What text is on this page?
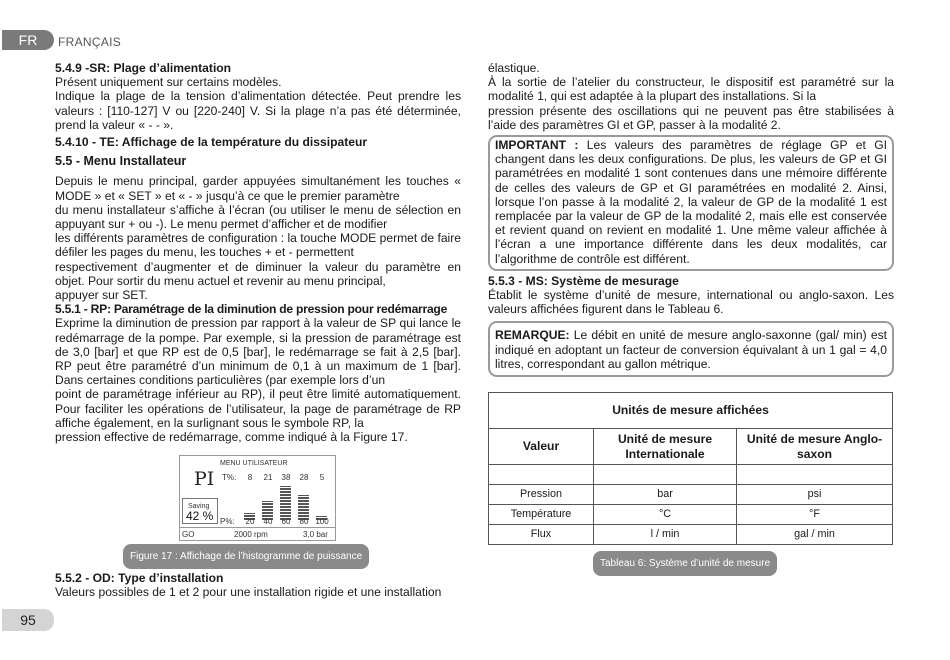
FR	FRANÇAIS

5.4.9 -SR: Plage d’alimentation

Présent uniquement sur certains modèles.

Indique la plage de la tension d’alimentation détectée. Peut prendre les valeurs : [110-127] V ou [220-240] V. Si la plage n’a pas été déterminée, prend la valeur « - - ».

5.4.10 - TE: Affichage de la température du dissipateur

5.5 - Menu Installateur

Depuis le menu principal, garder appuyées simultanément les touches « MODE » et « SET » et « - » jusqu’à ce que le premier paramètre

du menu installateur s’affiche à l’écran (ou utiliser le menu de sélection en appuyant sur + ou -). Le menu permet d’afficher et de modifier

les différents paramètres de configuration : la touche MODE permet de faire défiler les pages du menu, les touches + et - permettent

respectivement d’augmenter et de diminuer la valeur du paramètre en objet. Pour sortir du menu actuel et revenir au menu principal,

appuyer sur SET.

5.5.1 - RP: Paramétrage de la diminution de pression pour redémarrage

Exprime la diminution de pression par rapport à la valeur de SP qui lance le redémarrage de la pompe. Par exemple, si la pression de paramétrage est de 3,0 [bar] et que RP est de 0,5 [bar], le redémarrage se fait à 2,5 [bar]. RP peut être paramétré d’un minimum de 0,1 à un maximum de 1 [bar]. Dans certaines conditions particulières (par exemple lors d’un

point de paramétrage inférieur au RP), il peut être limité automatiquement. Pour faciliter les opérations de l’utilisateur, la page de paramétrage de RP affiche également, en la surlignant sous le symbole RP, la

pression effective de redémarrage, comme indiqué à la Figure 17.

MENU UTILISATEUR
PI T%:	8	21	38	28	5
Saving
42 % P%:	20	40	60	80 100
GO	2000 rpm	3,0 bar
Figure 17 : Affichage de l’histogramme de puissance

5.5.2 - OD: Type d’installation

Valeurs possibles de 1 et 2 pour une installation rigide et une installation

élastique.

À la sortie de l’atelier du constructeur, le dispositif est paramétré sur la modalité 1, qui est adaptée à la plupart des installations. Si la

pression présente des oscillations qui ne peuvent pas être stabilisées à l’aide des paramètres GI et GP, passer à la modalité 2.

IMPORTANT : Les valeurs des paramètres de réglage GP et GI changent dans les deux configurations. De plus, les valeurs de GP et GI paramétrées en modalité 1 sont contenues dans une mémoire différente de celles des valeurs de GP et GI paramétrées en modalité 2. Ainsi, lorsque l’on passe à la modalité 2, la valeur de GP de la modalité 1 est remplacée par la valeur de GP de la modalité 2, mais elle est conservée et revient quand on revient en modalité 1. Une même valeur affichée à l’écran a une importance différente dans les deux modalités, car l’algorithme de contrôle est différent.

5.5.3 - MS: Système de mesurage

Établit le système d’unité de mesure, international ou anglo-saxon. Les valeurs affichées figurent dans le Tableau 6.

REMARQUE: Le débit en unité de mesure anglo-saxonne (gal/ min) est indiqué en adoptant un facteur de conversion équivalant à un 1 gal = 4,0 litres, correspondant au gallon métrique.
Unités de mesure affichées		
Valeur	Unité de mesure Internationale	Unité de mesure Anglo-saxon

Pression	bar	psi
Température	°C	°F
Flux	l / min	gal / min
Tableau 6: Système d’unité de mesure
95
